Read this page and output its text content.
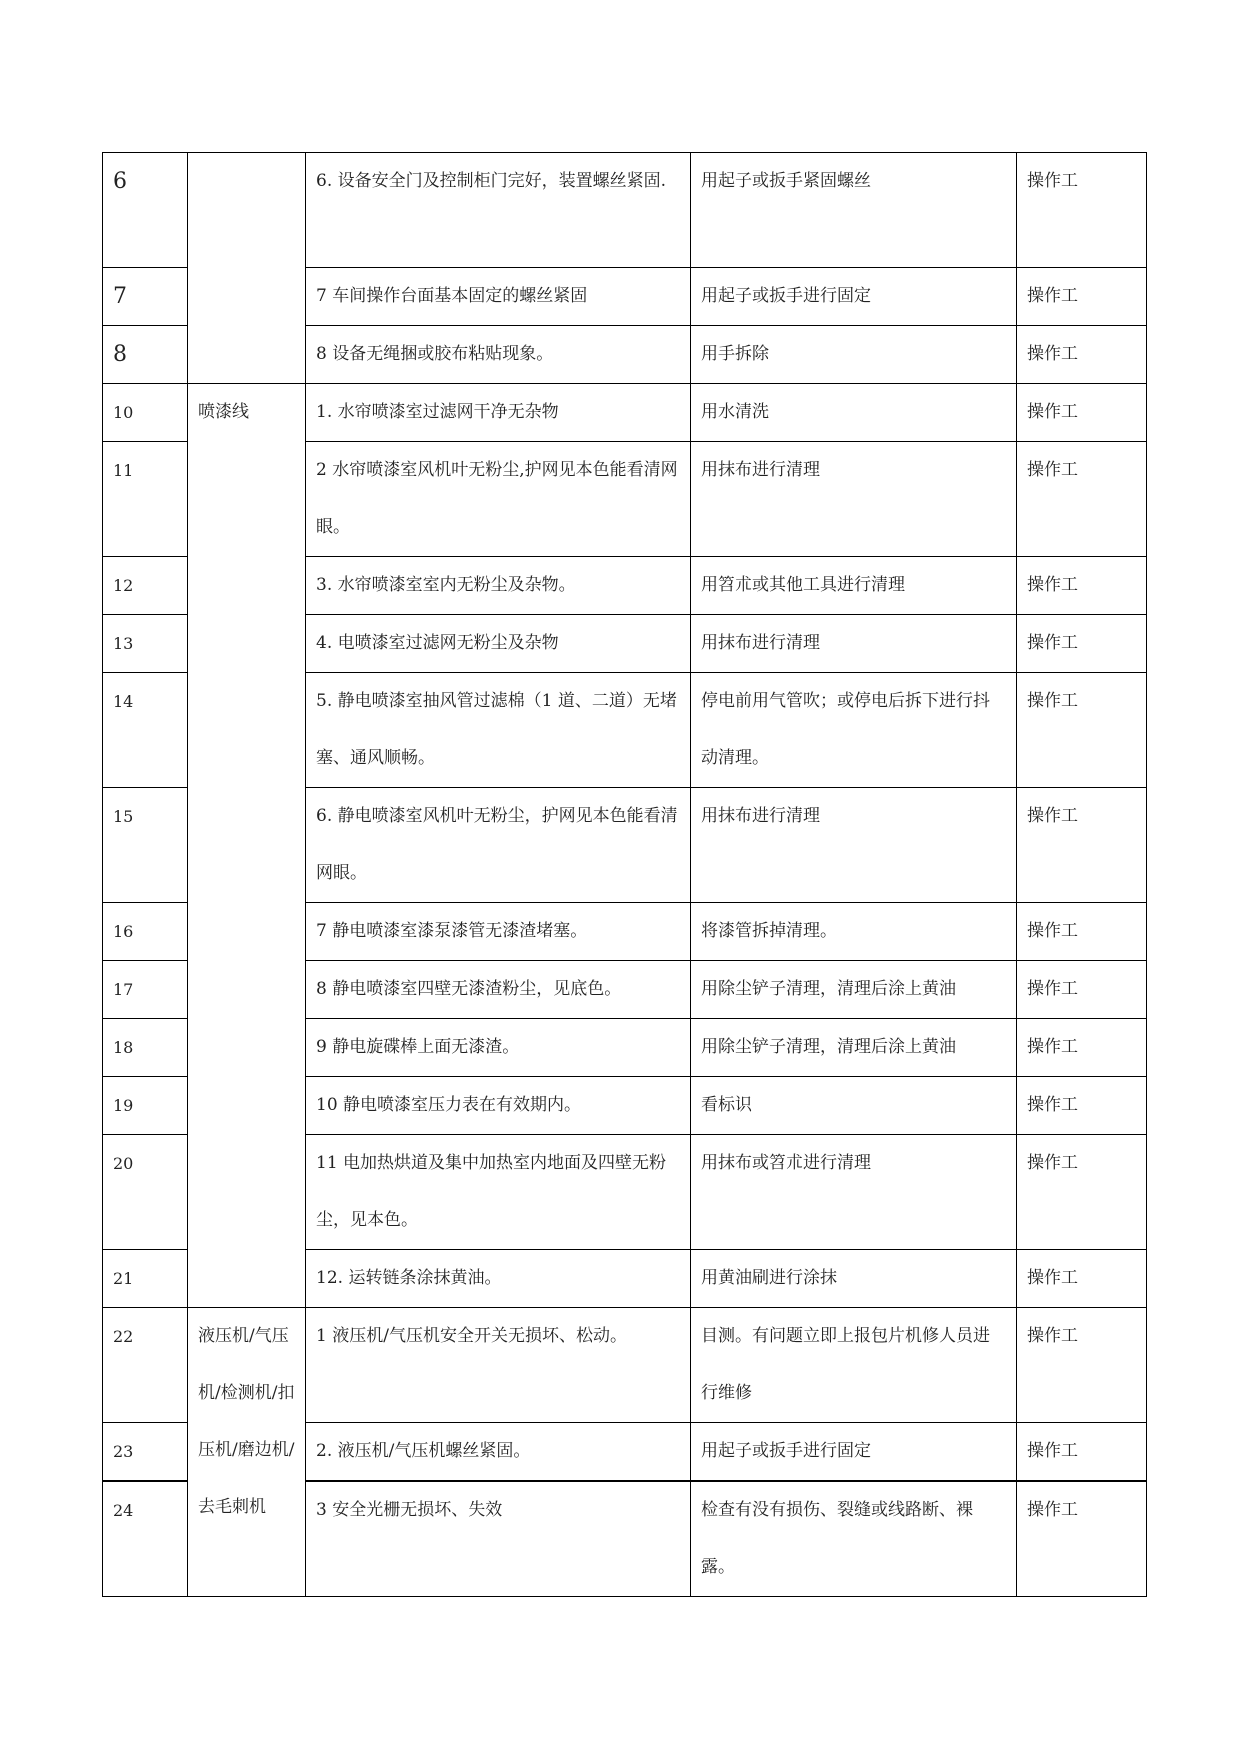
6		6. 设备安全门及控制柜门完好，装置螺丝紧固.	用起子或扳手紧固螺丝	操作工
7		7 车间操作台面基本固定的螺丝紧固	用起子或扳手进行固定	操作工
8		8 设备无绳捆或胶布粘贴现象。	用手拆除	操作工
10	喷漆线	1. 水帘喷漆室过滤网干净无杂物	用水清洗	操作工
11		2 水帘喷漆室风机叶无粉尘,护网见本色能看清网眼。	用抹布进行清理	操作工
12		3. 水帘喷漆室室内无粉尘及杂物。	用笤朮或其他工具进行清理	操作工
13		4. 电喷漆室过滤网无粉尘及杂物	用抹布进行清理	操作工
14		5. 静电喷漆室抽风管过滤棉（1 道、二道）无堵塞、通风顺畅。	停电前用气管吹；或停电后拆下进行抖动清理。	操作工
15		6. 静电喷漆室风机叶无粉尘，护网见本色能看清网眼。	用抹布进行清理	操作工
16		7 静电喷漆室漆泵漆管无漆渣堵塞。	将漆管拆掉清理。	操作工
17		8 静电喷漆室四壁无漆渣粉尘，见底色。	用除尘铲子清理，清理后涂上黄油	操作工
18		9 静电旋碟棒上面无漆渣。	用除尘铲子清理，清理后涂上黄油	操作工
19		10 静电喷漆室压力表在有效期内。	看标识	操作工
20		11 电加热烘道及集中加热室内地面及四壁无粉尘，见本色。	用抹布或笤朮进行清理	操作工
21		12. 运转链条涂抹黄油。	用黄油刷进行涂抹	操作工
22	液压机/气压机/检测机/扣压机/磨边机/去毛刺机	1 液压机/气压机安全开关无损坏、松动。	目测。有问题立即上报包片机修人员进行维修	操作工
23		2. 液压机/气压机螺丝紧固。	用起子或扳手进行固定	操作工
24		3 安全光栅无损坏、失效	检查有没有损伤、裂缝或线路断、裸露。	操作工
